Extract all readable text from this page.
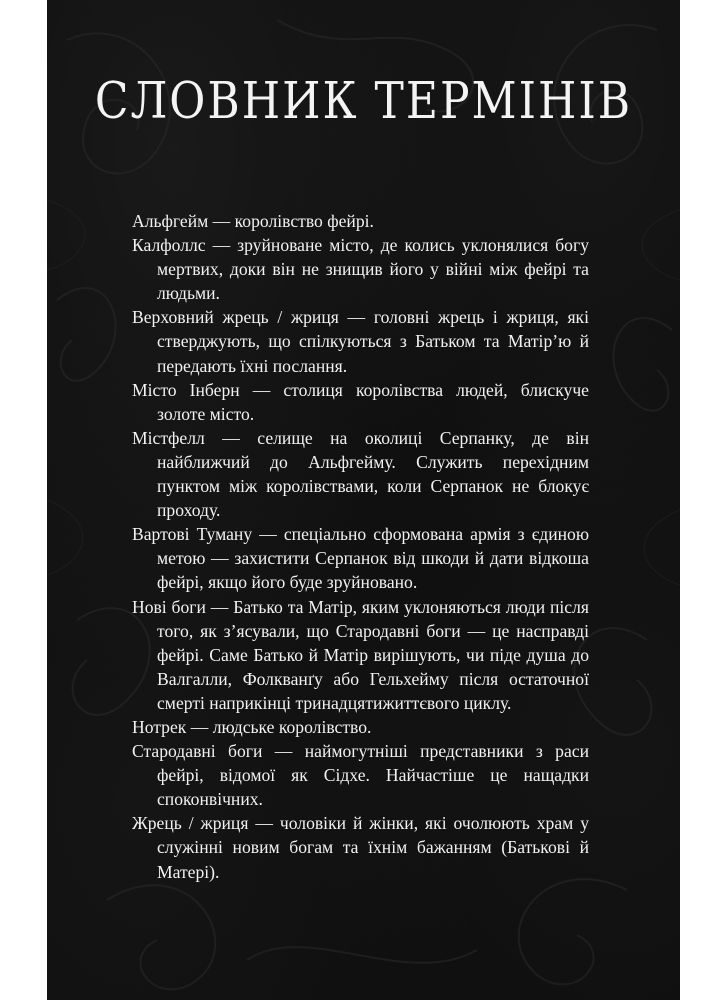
СЛОВНИК ТЕРМІНІВ
Альфгейм — королівство фейрі.
Калфоллс — зруйноване місто, де колись уклонялися богу мертвих, доки він не знищив його у війні між фейрі та людьми.
Верховний жрець / жриця — головні жрець і жриця, які стверджують, що спілкуються з Батьком та Матір’ю й передають їхні послання.
Місто Інберн — столиця королівства людей, блискуче золоте місто.
Містфелл — селище на околиці Серпанку, де він найближчий до Альфгейму. Служить перехідним пунктом між королівствами, коли Серпанок не блокує проходу.
Вартові Туману — спеціально сформована армія з єдиною метою — захистити Серпанок від шкоди й дати відкоша фейрі, якщо його буде зруйновано.
Нові боги — Батько та Матір, яким уклоняються люди після того, як з’ясували, що Стародавні боги — це насправді фейрі. Саме Батько й Матір вирішують, чи піде душа до Валгалли, Фолкванґу або Гельхейму після остаточної смерті наприкінці тринадцятижиттєвого циклу.
Нотрек — людське королівство.
Стародавні боги — наймогутніші представники з раси фейрі, відомої як Сідхе. Найчастіше це нащадки споконвічних.
Жрець / жриця — чоловіки й жінки, які очолюють храм у служінні новим богам та їхнім бажанням (Батькові й Матері).
